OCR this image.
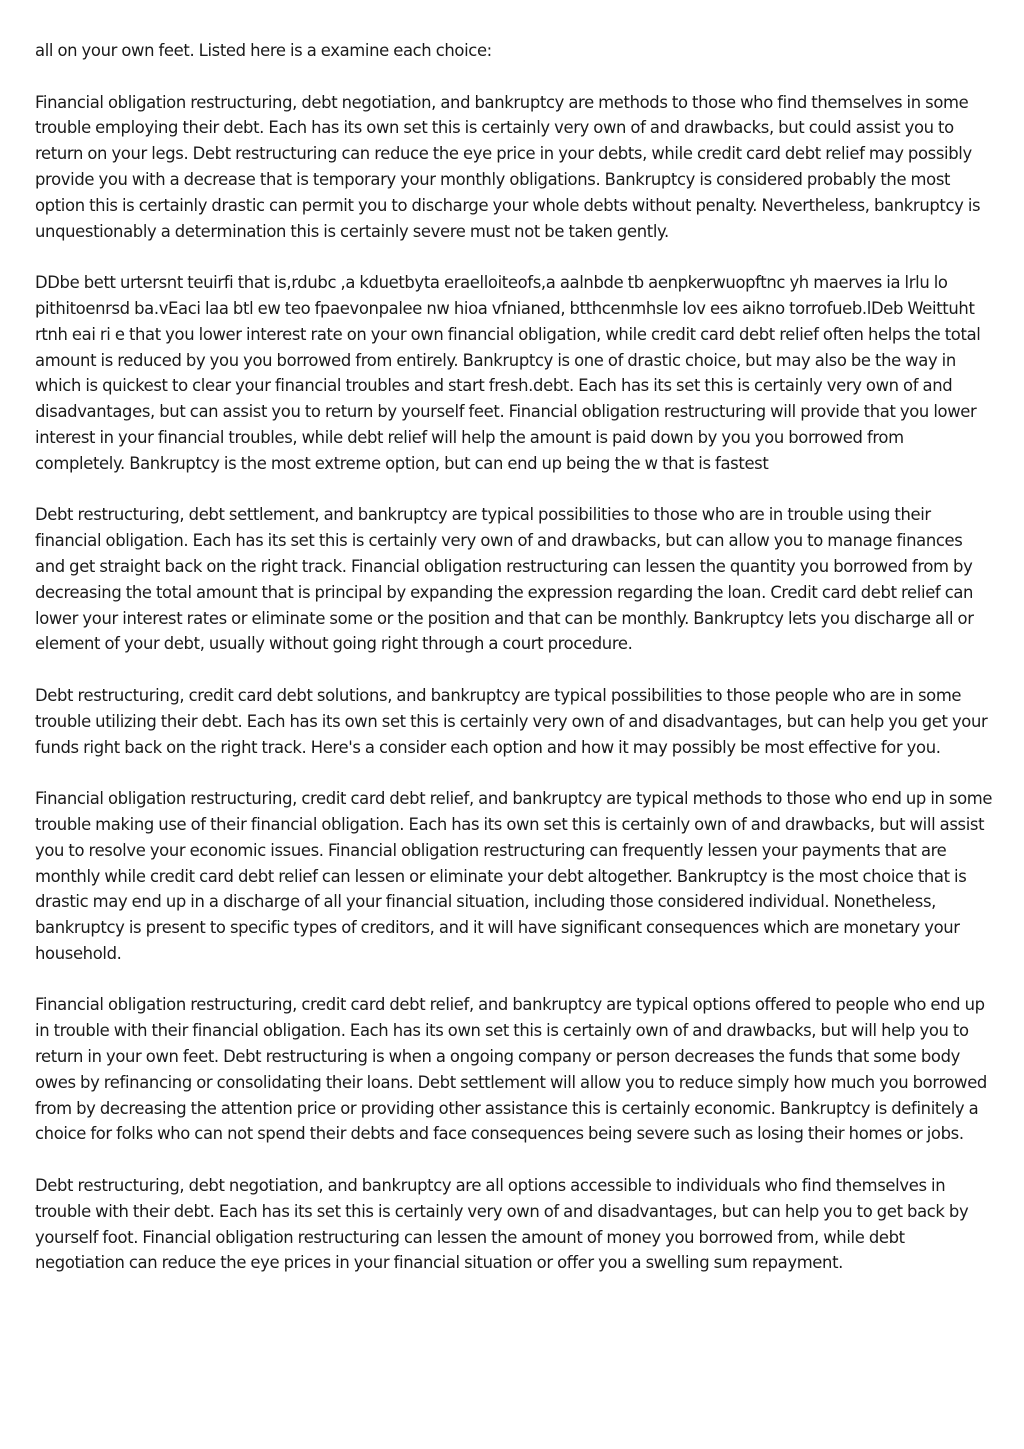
all on your own feet. Listed here is a examine each choice:

Financial obligation restructuring, debt negotiation, and bankruptcy are methods to those who find themselves in some trouble employing their debt. Each has its own set this is certainly very own of and drawbacks, but could assist you to return on your legs. Debt restructuring can reduce the eye price in your debts, while credit card debt relief may possibly provide you with a decrease that is temporary your monthly obligations. Bankruptcy is considered probably the most option this is certainly drastic can permit you to discharge your whole debts without penalty. Nevertheless, bankruptcy is unquestionably a determination this is certainly severe must not be taken gently.

DDbe bett urtersnt teuirfi that is,rdubc ,a kduetbyta eraelloiteofs,a aalnbde tb aenpkerwuopftnc yh maerves ia lrlu lo pithitoenrsd ba.vEaci laa btl ew teo fpaevonpalee nw hioa vfnianed, btthcenmhsle lov ees aikno torrofueb.lDeb Weittuht rtnh eai ri e that you lower interest rate on your own financial obligation, while credit card debt relief often helps the total amount is reduced by you you borrowed from entirely. Bankruptcy is one of drastic choice, but may also be the way in which is quickest to clear your financial troubles and start fresh.debt. Each has its set this is certainly very own of and disadvantages, but can assist you to return by yourself feet. Financial obligation restructuring will provide that you lower interest in your financial troubles, while debt relief will help the amount is paid down by you you borrowed from completely. Bankruptcy is the most extreme option, but can end up being the w that is fastest

Debt restructuring, debt settlement, and bankruptcy are typical possibilities to those who are in trouble using their financial obligation. Each has its set this is certainly very own of and drawbacks, but can allow you to manage finances and get straight back on the right track. Financial obligation restructuring can lessen the quantity you borrowed from by decreasing the total amount that is principal by expanding the expression regarding the loan. Credit card debt relief can lower your interest rates or eliminate some or the position and that can be monthly. Bankruptcy lets you discharge all or element of your debt, usually without going right through a court procedure.

Debt restructuring, credit card debt solutions, and bankruptcy are typical possibilities to those people who are in some trouble utilizing their debt. Each has its own set this is certainly very own of and disadvantages, but can help you get your funds right back on the right track. Here's a consider each option and how it may possibly be most effective for you.

Financial obligation restructuring, credit card debt relief, and bankruptcy are typical methods to those who end up in some trouble making use of their financial obligation. Each has its own set this is certainly own of and drawbacks, but will assist you to resolve your economic issues. Financial obligation restructuring can frequently lessen your payments that are monthly while credit card debt relief can lessen or eliminate your debt altogether. Bankruptcy is the most choice that is drastic may end up in a discharge of all your financial situation, including those considered individual. Nonetheless, bankruptcy is present to specific types of creditors, and it will have significant consequences which are monetary your household.

Financial obligation restructuring, credit card debt relief, and bankruptcy are typical options offered to people who end up in trouble with their financial obligation. Each has its own set this is certainly own of and drawbacks, but will help you to return in your own feet. Debt restructuring is when a ongoing company or person decreases the funds that some body owes by refinancing or consolidating their loans. Debt settlement will allow you to reduce simply how much you borrowed from by decreasing the attention price or providing other assistance this is certainly economic. Bankruptcy is definitely a choice for folks who can not spend their debts and face consequences being severe such as losing their homes or jobs.

Debt restructuring, debt negotiation, and bankruptcy are all options accessible to individuals who find themselves in trouble with their debt. Each has its set this is certainly very own of and disadvantages, but can help you to get back by yourself foot. Financial obligation restructuring can lessen the amount of money you borrowed from, while debt negotiation can reduce the eye prices in your financial situation or offer you a swelling sum repayment.
